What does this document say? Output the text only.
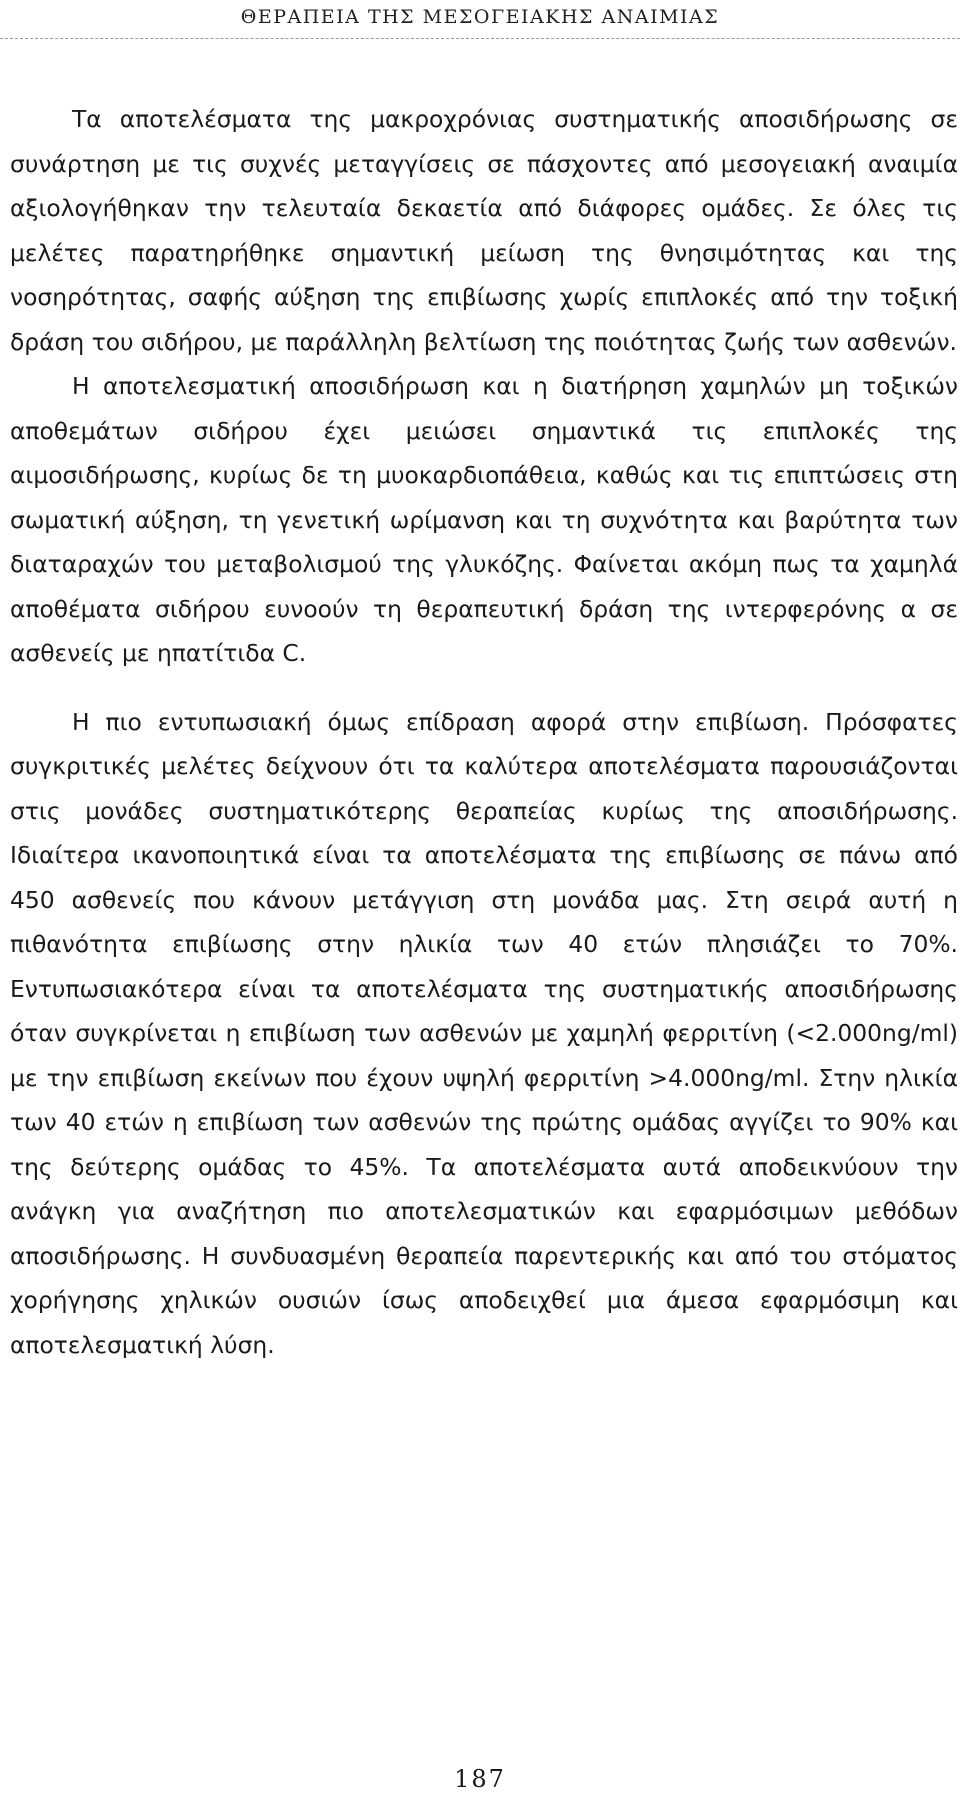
ΘΕΡΑΠΕΙΑ ΤΗΣ ΜΕΣΟΓΕΙΑΚΗΣ ΑΝΑΙΜΙΑΣ

Τα αποτελέσματα της μακροχρόνιας συστηματικής αποσιδήρωσης σε συνάρτηση με τις συχνές μεταγγίσεις σε πάσχοντες από μεσογειακή αναιμία αξιολογήθηκαν την τελευταία δεκαετία από διάφορες ομάδες. Σε όλες τις μελέτες παρατηρήθηκε σημαντική μείωση της θνησιμότητας και της νοσηρότητας, σαφής αύξηση της επιβίωσης χωρίς επιπλοκές από την τοξική δράση του σιδήρου, με παράλληλη βελτίωση της ποιότητας ζωής των ασθενών.

Η αποτελεσματική αποσιδήρωση και η διατήρηση χαμηλών μη τοξικών αποθεμάτων σιδήρου έχει μειώσει σημαντικά τις επιπλοκές της αιμοσιδήρωσης, κυρίως δε τη μυοκαρδιοπάθεια, καθώς και τις επιπτώσεις στη σωματική αύξηση, τη γενετική ωρίμανση και τη συχνότητα και βαρύτητα των διαταραχών του μεταβολισμού της γλυκόζης. Φαίνεται ακόμη πως τα χαμηλά αποθέματα σιδήρου ευνοούν τη θεραπευτική δράση της ιντερφερόνης α σε ασθενείς με ηπατίτιδα C.

Η πιο εντυπωσιακή όμως επίδραση αφορά στην επιβίωση. Πρόσφατες συγκριτικές μελέτες δείχνουν ότι τα καλύτερα αποτελέσματα παρουσιάζονται στις μονάδες συστηματικότερης θεραπείας κυρίως της αποσιδήρωσης. Ιδιαίτερα ικανοποιητικά είναι τα αποτελέσματα της επιβίωσης σε πάνω από 450 ασθενείς που κάνουν μετάγγιση στη μονάδα μας. Στη σειρά αυτή η πιθανότητα επιβίωσης στην ηλικία των 40 ετών πλησιάζει το 70%. Εντυπωσιακότερα είναι τα αποτελέσματα της συστηματικής αποσιδήρωσης όταν συγκρίνεται η επιβίωση των ασθενών με χαμηλή φερριτίνη (<2.000ng/ml) με την επιβίωση εκείνων που έχουν υψηλή φερριτίνη >4.000ng/ml. Στην ηλικία των 40 ετών η επιβίωση των ασθενών της πρώτης ομάδας αγγίζει το 90% και της δεύτερης ομάδας το 45%. Τα αποτελέσματα αυτά αποδεικνύουν την ανάγκη για αναζήτηση πιο αποτελεσματικών και εφαρμόσιμων μεθόδων αποσιδήρωσης. Η συνδυασμένη θεραπεία παρεντερικής και από του στόματος χορήγησης χηλικών ουσιών ίσως αποδειχθεί μια άμεσα εφαρμόσιμη και αποτελεσματική λύση.

187
